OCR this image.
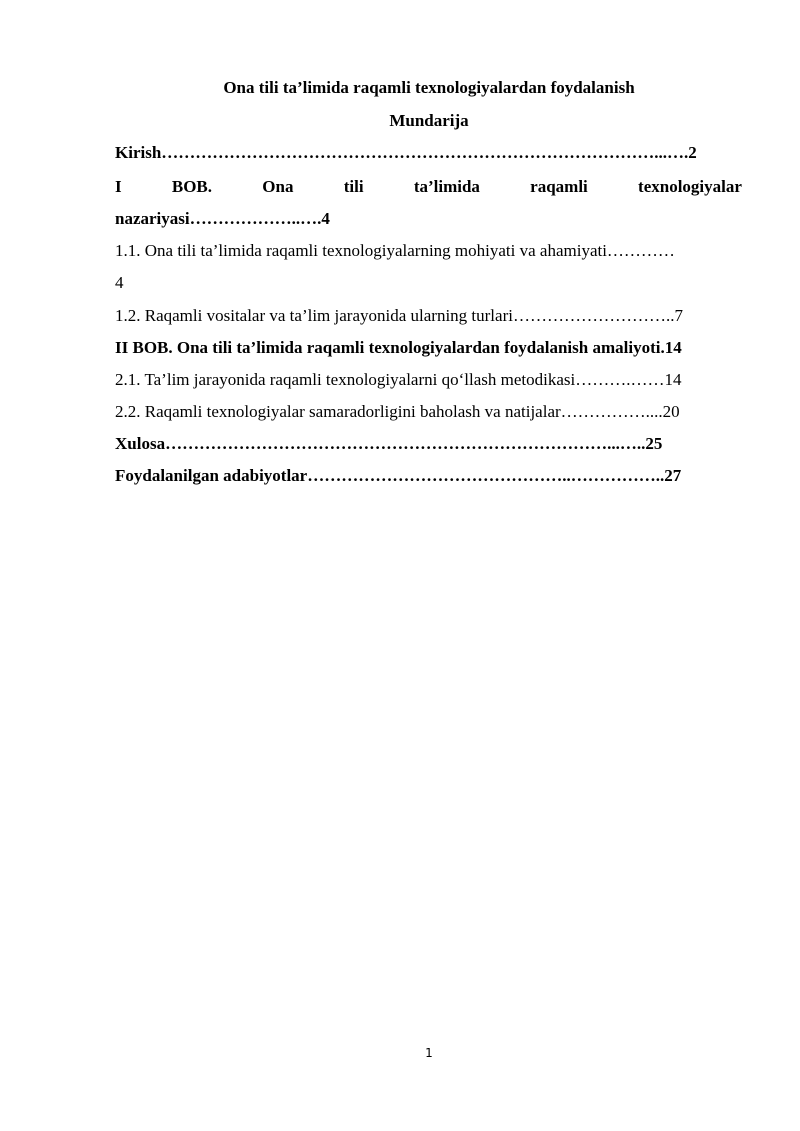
Ona tili ta’limida raqamli texnologiyalardan foydalanish
Mundarija
Kirish……………………………………………………………………………...….2
I	BOB.	Ona	tili	ta’limida	raqamli	texnologiyalar
nazariyasi………………..….4
1.1. Ona tili ta’limida raqamli texnologiyalarning mohiyati va ahamiyati…………
4
1.2. Raqamli vositalar va ta’lim jarayonida ularning turlari………………………..7
II BOB. Ona tili ta’limida raqamli texnologiyalardan foydalanish amaliyoti.14
2.1. Ta’lim jarayonida raqamli texnologiyalarni qo‘llash metodikasi……….……14
2.2. Raqamli texnologiyalar samaradorligini baholash va natijalar……………....20
Xulosa……………………………………………………………………...…..25
Foydalanilgan adabiyotlar………………………………………..……………..27
1
